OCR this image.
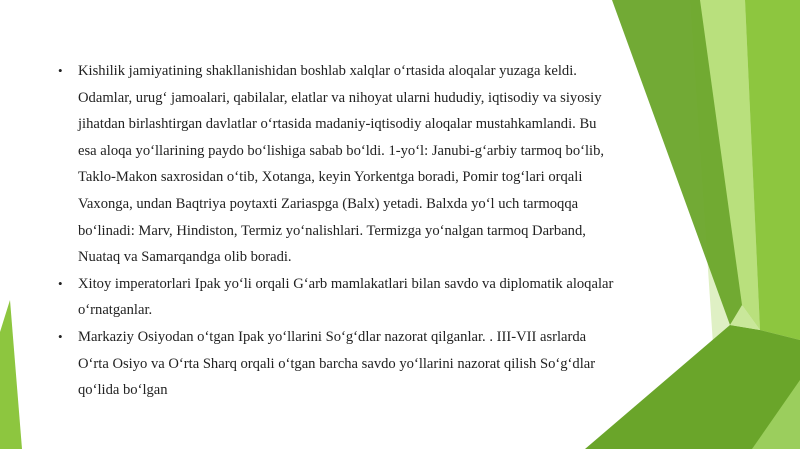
• Kishilik jamiyatining shakllanishidan boshlab xalqlar o‘rtasida aloqalar yuzaga keldi. Odamlar, urug‘ jamoalari, qabilalar, elatlar va nihoyat ularni hududiy, iqtisodiy va siyosiy jihatdan birlashtirgan davlatlar o‘rtasida madaniy-iqtisodiy aloqalar mustahkamlandi. Bu esa aloqa yo‘llarining paydo bo‘lishiga sabab bo‘ldi. 1-yo‘l: Janubi-g‘arbiy tarmoq bo‘lib, Taklo-Makon saxrosidan o‘tib, Xotanga, keyin Yorkentga boradi, Pomir tog‘lari orqali Vaxonga, undan Baqtriya poytaxti Zariaspga (Balx) yetadi. Balxda yo‘l uch tarmoqqa bo‘linadi: Marv, Hindiston, Termiz yo‘nalishlari. Termizga yo‘nalgan tarmoq Darband, Nuataq va Samarqandga olib boradi.
• Xitoy imperatorlari Ipak yo‘li orqali G‘arb mamlakatlari bilan savdo va diplomatik aloqalar o‘rnatganlar.
• Markaziy Osiyodan o‘tgan Ipak yo‘llarini So‘g‘dlar nazorat qilganlar. . III-VII asrlarda O‘rta Osiyo va O‘rta Sharq orqali o‘tgan barcha savdo yo‘llarini nazorat qilish So‘g‘dlar qo‘lida bo‘lgan
